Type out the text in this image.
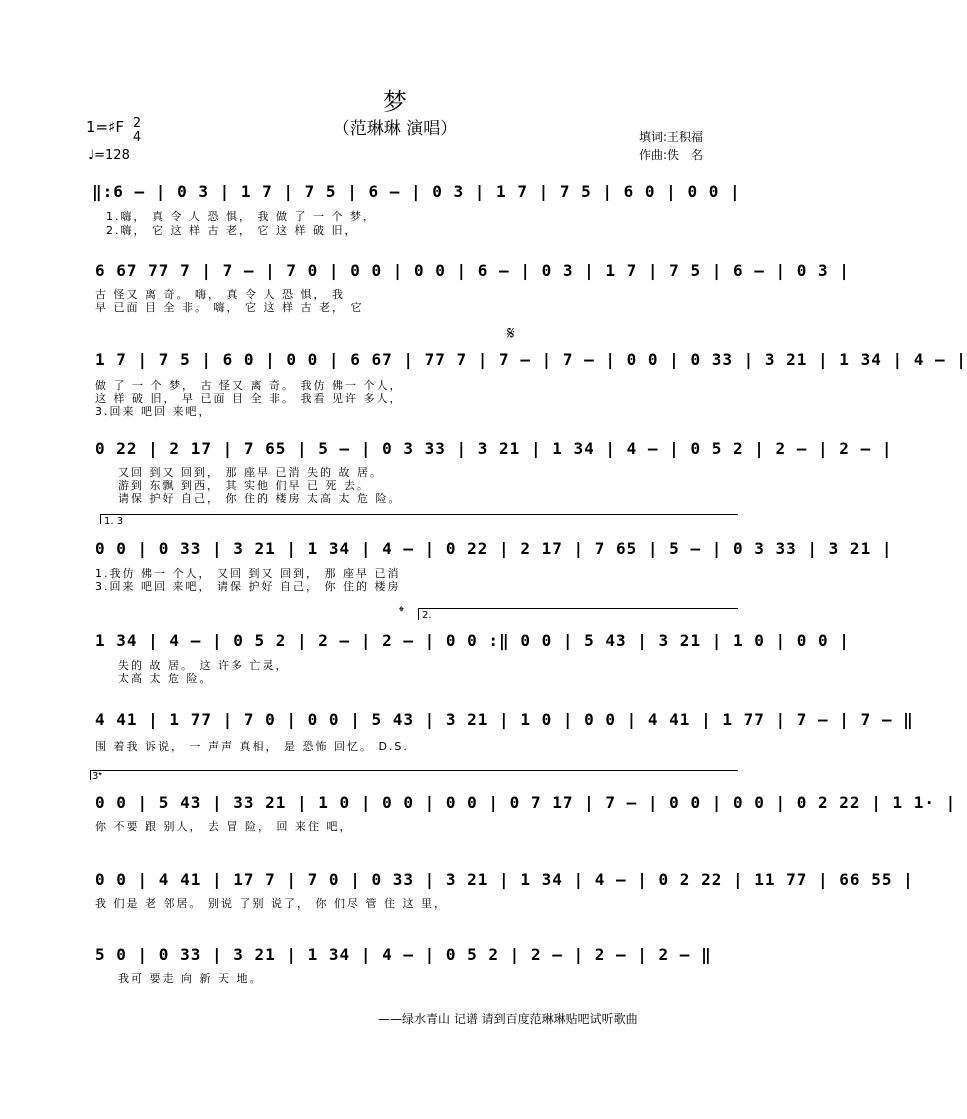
梦
（范琳琳 演唱）
1=♯F 2
4
♩=128
填词:王积福
作曲:佚　名
‖:6 – | 0 3 | 1 7 | 7 5 | 6 – | 0 3 | 1 7 | 7 5 | 6 0 | 0 0 |
1.嗨， 真 令 人 恐 惧， 我 做 了 一 个 梦，
2.嗨， 它 这 样 古 老， 它 这 样 破 旧，
6 67 77 7 | 7 – | 7 0 | 0 0 | 0 0 | 6 – | 0 3 | 1 7 | 7 5 | 6 – | 0 3 |
古 怪又 离 奇。 嗨， 真 令 人 恐 惧， 我
早 已面 目 全 非。 嗨， 它 这 样 古 老， 它
𝄋
1 7 | 7 5 | 6 0 | 0 0 | 6 67 | 77 7 | 7 – | 7 – | 0 0 | 0 33 | 3 21 | 1 34 | 4 – |
做 了 一 个 梦， 古 怪又 离 奇。 我仿 佛一 个人，
这 样 破 旧， 早 已面 目 全 非。 我看 见许 多人，
3.回来 吧回 来吧，
0 22 | 2 17 | 7 65 | 5 – | 0 3 33 | 3 21 | 1 34 | 4 – | 0 5 2 | 2 – | 2 – |
又回 到又 回到， 那 座早 已消 失的 故 居。
游到 东飘 到西， 其 实他 们早 已 死 去。
请保 护好 自己， 你 住的 楼房 太高 太 危 险。
1. 3
0 0 | 0 33 | 3 21 | 1 34 | 4 – | 0 22 | 2 17 | 7 65 | 5 – | 0 3 33 | 3 21 |
1.我仿 佛一 个人， 又回 到又 回到， 那 座早 已消
3.回来 吧回 来吧， 请保 护好 自己， 你 住的 楼房
𝄌 2.
1 34 | 4 – | 0 5 2 | 2 – | 2 – | 0 0 :‖ 0 0 | 5 43 | 3 21 | 1 0 | 0 0 |
失的 故 居。 这 许多 亡灵，
太高 太 危 险。
4 41 | 1 77 | 7 0 | 0 0 | 5 43 | 3 21 | 1 0 | 0 0 | 4 41 | 1 77 | 7 – | 7 – ‖
围 着我 诉说， 一 声声 真相， 是 恐怖 回忆。 D.S.
3𝄌
0 0 | 5 43 | 33 21 | 1 0 | 0 0 | 0 0 | 0 7 17 | 7 – | 0 0 | 0 0 | 0 2 22 | 1 1· |
你 不要 跟 别人， 去 冒 险， 回 来住 吧，
0 0 | 4 41 | 17 7 | 7 0 | 0 33 | 3 21 | 1 34 | 4 – | 0 2 22 | 11 77 | 66 55 |
我 们是 老 邻居。 别说 了别 说了， 你 们尽 管 住 这 里，
5 0 | 0 33 | 3 21 | 1 34 | 4 – | 0 5 2 | 2 – | 2 – | 2 – ‖
我可 要走 向 新 天 地。
——绿水青山 记谱 请到百度范琳琳贴吧试听歌曲
